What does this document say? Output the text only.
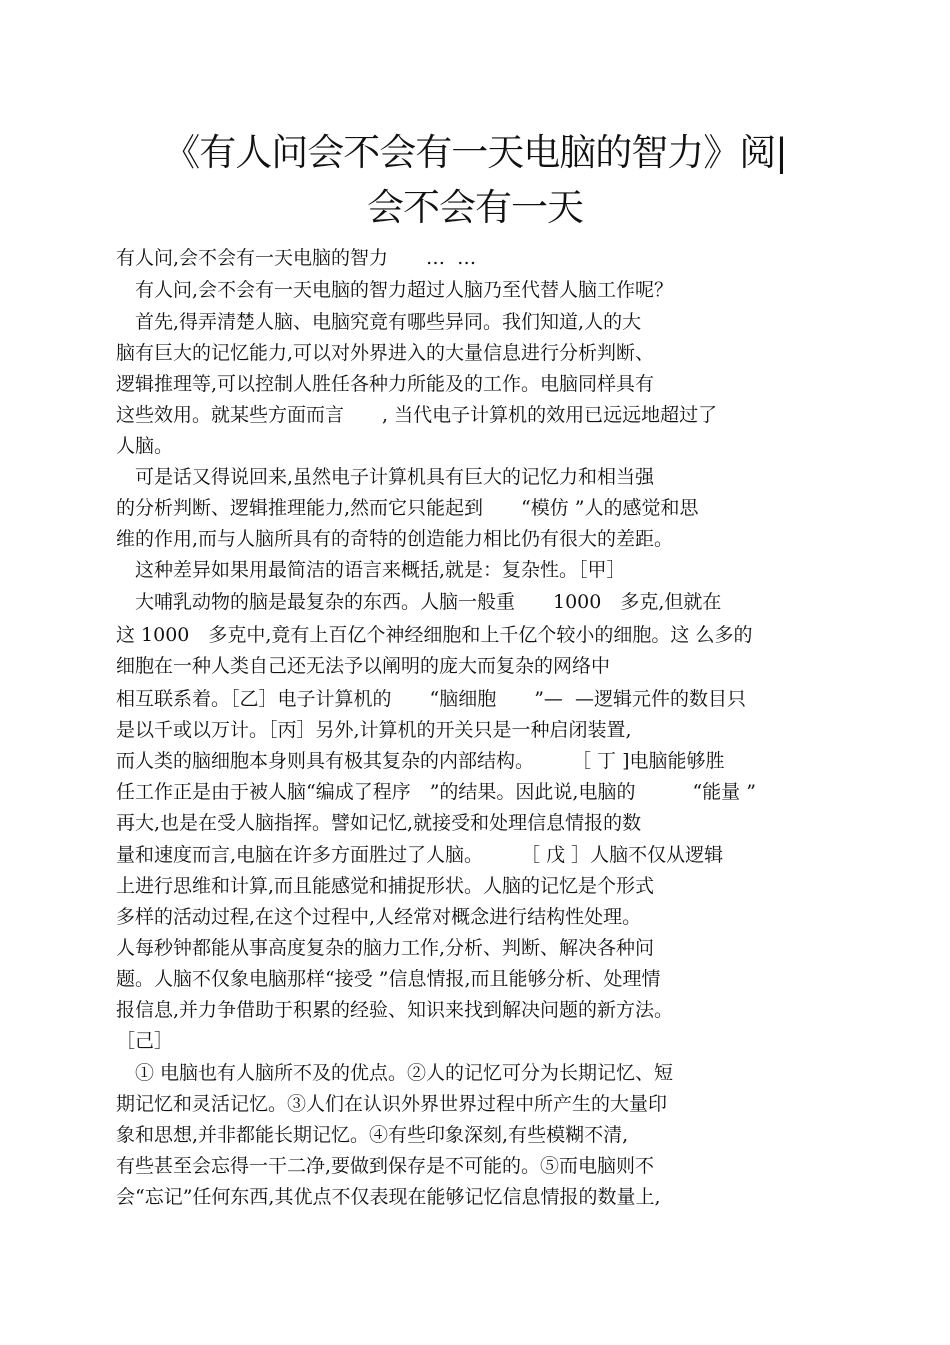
《有人问会不会有一天电脑的智力》阅|
会不会有一天
有人问,会不会有一天电脑的智力　　…  …
　有人问,会不会有一天电脑的智力超过人脑乃至代替人脑工作呢？
　首先,得弄清楚人脑、电脑究竟有哪些异同。我们知道,人的大
脑有巨大的记忆能力,可以对外界进入的大量信息进行分析判断、
逻辑推理等,可以控制人胜任各种力所能及的工作。电脑同样具有
这些效用。就某些方面而言　　, 当代电子计算机的效用已远远地超过了
人脑。
　可是话又得说回来,虽然电子计算机具有巨大的记忆力和相当强
的分析判断、逻辑推理能力,然而它只能起到　　“模仿 ”人的感觉和思
维的作用,而与人脑所具有的奇特的创造能力相比仍有很大的差距。
　这种差异如果用最简洁的语言来概括,就是：复杂性。［甲］
　大哺乳动物的脑是最复杂的东西。人脑一般重　　1000　多克,但就在
这 1000　多克中,竟有上百亿个神经细胞和上千亿个较小的细胞。这 么多的
细胞在一种人类自己还无法予以阐明的庞大而复杂的网络中
相互联系着。［乙］电子计算机的　　“脑细胞　　”—  —逻辑元件的数目只
是以千或以万计。［丙］另外,计算机的开关只是一种启闭装置,
而人类的脑细胞本身则具有极其复杂的内部结构。　　　［ 丁 ]电脑能够胜
任工作正是由于被人脑“编成了程序　”的结果。因此说,电脑的　　　“能量 ”
再大,也是在受人脑指挥。譬如记忆,就接受和处理信息情报的数
量和速度而言,电脑在许多方面胜过了人脑。　　　［ 戊 ］人脑不仅从逻辑
上进行思维和计算,而且能感觉和捕捉形状。人脑的记忆是个形式
多样的活动过程,在这个过程中,人经常对概念进行结构性处理。
人每秒钟都能从事高度复杂的脑力工作,分析、判断、解决各种问
题。人脑不仅象电脑那样“接受 ”信息情报,而且能够分析、处理情
报信息,并力争借助于积累的经验、知识来找到解决问题的新方法。
［己］
　① 电脑也有人脑所不及的优点。②人的记忆可分为长期记忆、短
期记忆和灵活记忆。③人们在认识外界世界过程中所产生的大量印
象和思想,并非都能长期记忆。④有些印象深刻,有些模糊不清,
有些甚至会忘得一干二净,要做到保存是不可能的。⑤而电脑则不
会“忘记”任何东西,其优点不仅表现在能够记忆信息情报的数量上,
